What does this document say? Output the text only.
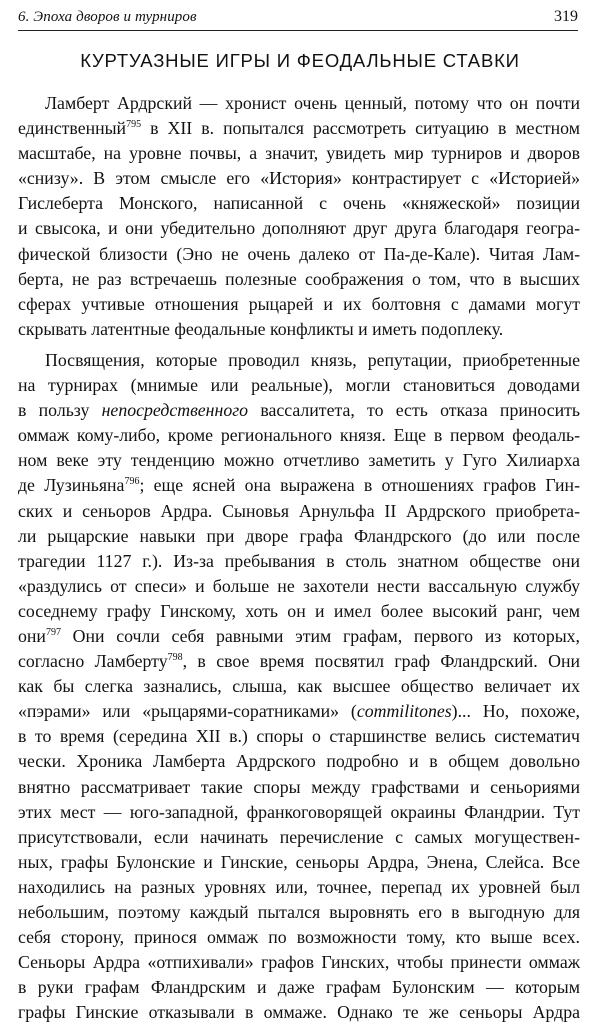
6. Эпоха дворов и турниров	319
КУРТУАЗНЫЕ ИГРЫ И ФЕОДАЛЬНЫЕ СТАВКИ
Ламберт Ардрский — хронист очень ценный, потому что он почти
единственный$^{795}$ в XII в. попытался рассмотреть ситуацию в местном
масштабе, на уровне почвы, а значит, увидеть мир турниров и дворов
«снизу». В этом смысле его «История» контрастирует с «Историей»
Гислеберта Монского, написанной с очень «княжеской» позиции
и свысока, и они убедительно дополняют друг друга благодаря геогра-
фической близости (Эно не очень далеко от Па-де-Кале). Читая Лам-
берта, не раз встречаешь полезные соображения о том, что в высших
сферах учтивые отношения рыцарей и их болтовня с дамами могут
скрывать латентные феодальные конфликты и иметь подоплеку.
Посвящения, которые проводил князь, репутации, приобретенные
на турнирах (мнимые или реальные), могли становиться доводами
в пользу непосредственного вассалитета, то есть отказа приносить
оммаж кому-либо, кроме регионального князя. Еще в первом феодаль-
ном веке эту тенденцию можно отчетливо заметить у Гуго Хилиарха
де Лузиньяна$^{796}$; еще ясней она выражена в отношениях графов Гин-
ских и сеньоров Ардра. Сыновья Арнульфа II Ардрского приобрета-
ли рыцарские навыки при дворе графа Фландрского (до или после
трагедии 1127 г.). Из-за пребывания в столь знатном обществе они
«раздулись от спеси» и больше не захотели нести вассальную службу
соседнему графу Гинскому, хоть он и имел более высокий ранг, чем
они$^{797}$ Они сочли себя равными этим графам, первого из которых,
согласно Ламберту$^{798}$, в свое время посвятил граф Фландрский. Они
как бы слегка зазнались, слыша, как высшее общество величает их
«пэрами» или «рыцарями-соратниками» (commilitones)... Но, похоже,
в то время (середина XII в.) споры о старшинстве велись систематич
чески. Хроника Ламберта Ардрского подробно и в общем довольно
внятно рассматривает такие споры между графствами и сеньориями
этих мест — юго-западной, франкоговорящей окраины Фландрии. Тут
присутствовали, если начинать перечисление с самых могуществен-
ных, графы Булонские и Гинские, сеньоры Ардра, Энена, Слейса. Все
находились на разных уровнях или, точнее, перепад их уровней был
небольшим, поэтому каждый пытался выровнять его в выгодную для
себя сторону, принося оммаж по возможности тому, кто выше всех.
Сеньоры Ардра «отпихивали» графов Гинских, чтобы принести оммаж
в руки графам Фландрским и даже графам Булонским — которым
графы Гинские отказывали в оммаже. Однако те же сеньоры Ардра
